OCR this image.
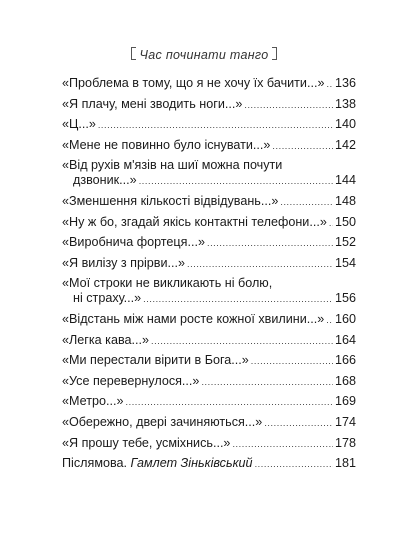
Час починати танго
«Проблема в тому, що я не хочу їх бачити...» ..... 136
«Я плачу, мені зводить ноги...» .....	138
«Ц...» .....	140
«Мене не повинно було існувати...» .....	142
«Від рухів м'язів на шиї можна почути
дзвоник...» .....	144
«Зменшення кількості відвідувань...» .....	148
«Ну ж бо, згадай якісь контактні телефони...» ..... 150
«Виробнича фортеця...» .....	152
«Я вилізу з прірви...» .....	154
«Мої строки не викликають ні болю,
ні страху...» .....	156
«Відстань між нами росте кожної хвилини...» ..... 160
«Легка кава...» .....	164
«Ми перестали вірити в Бога...» .....	166
«Усе перевернулося...» .....	168
«Метро...» .....	169
«Обережно, двері зачиняються...» .....	174
«Я прошу тебе, усміхнись...» .....	178
Післямова. Гамлет Зіньківський .....	181
